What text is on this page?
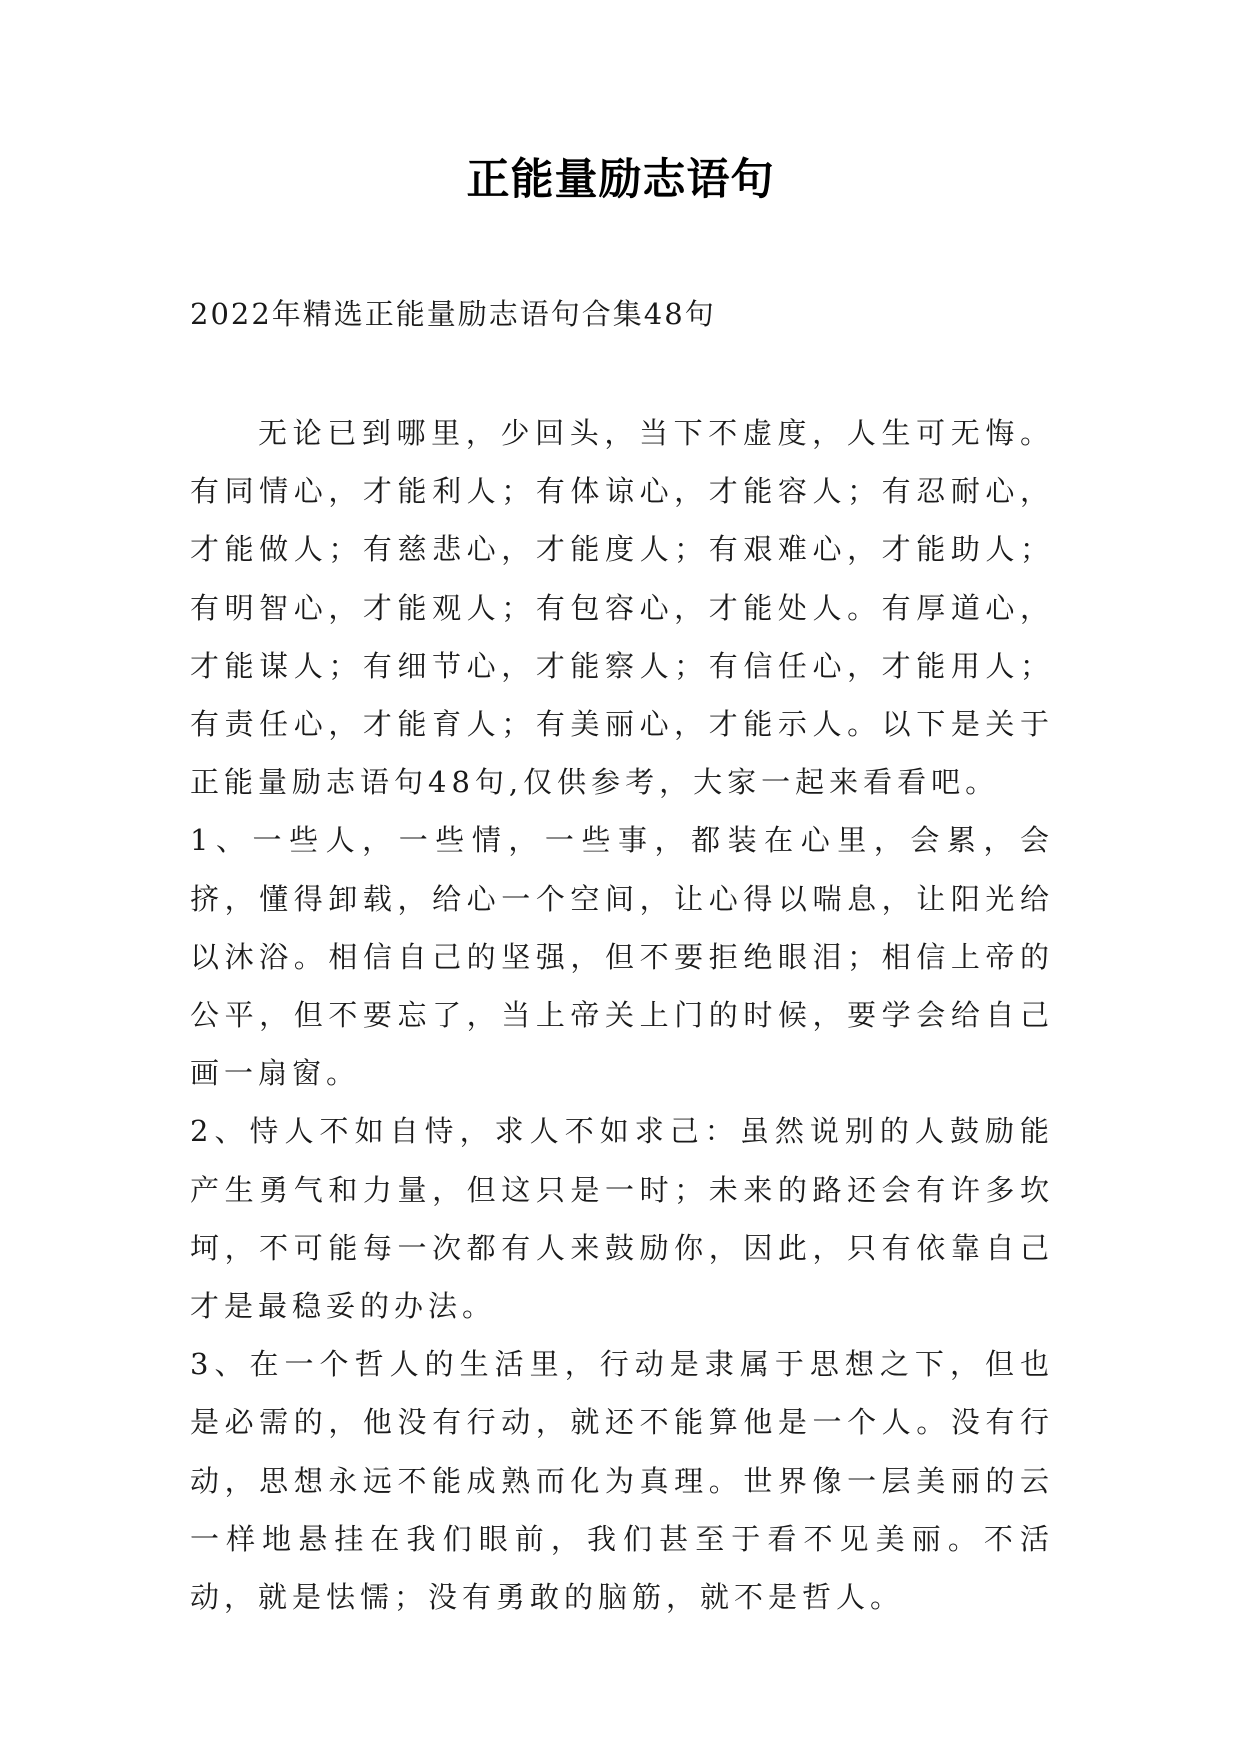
正能量励志语句
2022年精选正能量励志语句合集48句

无论已到哪里，少回头，当下不虚度，人生可无悔。有同情心，才能利人；有体谅心，才能容人；有忍耐心，才能做人；有慈悲心，才能度人；有艰难心，才能助人；有明智心，才能观人；有包容心，才能处人。有厚道心，才能谋人；有细节心，才能察人；有信任心，才能用人；有责任心，才能育人；有美丽心，才能示人。以下是关于正能量励志语句48句,仅供参考，大家一起来看看吧。

1、一些人，一些情，一些事，都装在心里，会累，会挤，懂得卸载，给心一个空间，让心得以喘息，让阳光给以沐浴。相信自己的坚强，但不要拒绝眼泪；相信上帝的公平，但不要忘了，当上帝关上门的时候，要学会给自己画一扇窗。

2、恃人不如自恃，求人不如求己：虽然说别的人鼓励能产生勇气和力量，但这只是一时；未来的路还会有许多坎坷，不可能每一次都有人来鼓励你，因此，只有依靠自己才是最稳妥的办法。

3、在一个哲人的生活里，行动是隶属于思想之下，但也是必需的，他没有行动，就还不能算他是一个人。没有行动，思想永远不能成熟而化为真理。世界像一层美丽的云一样地悬挂在我们眼前，我们甚至于看不见美丽。不活动，就是怯懦；没有勇敢的脑筋，就不是哲人。
